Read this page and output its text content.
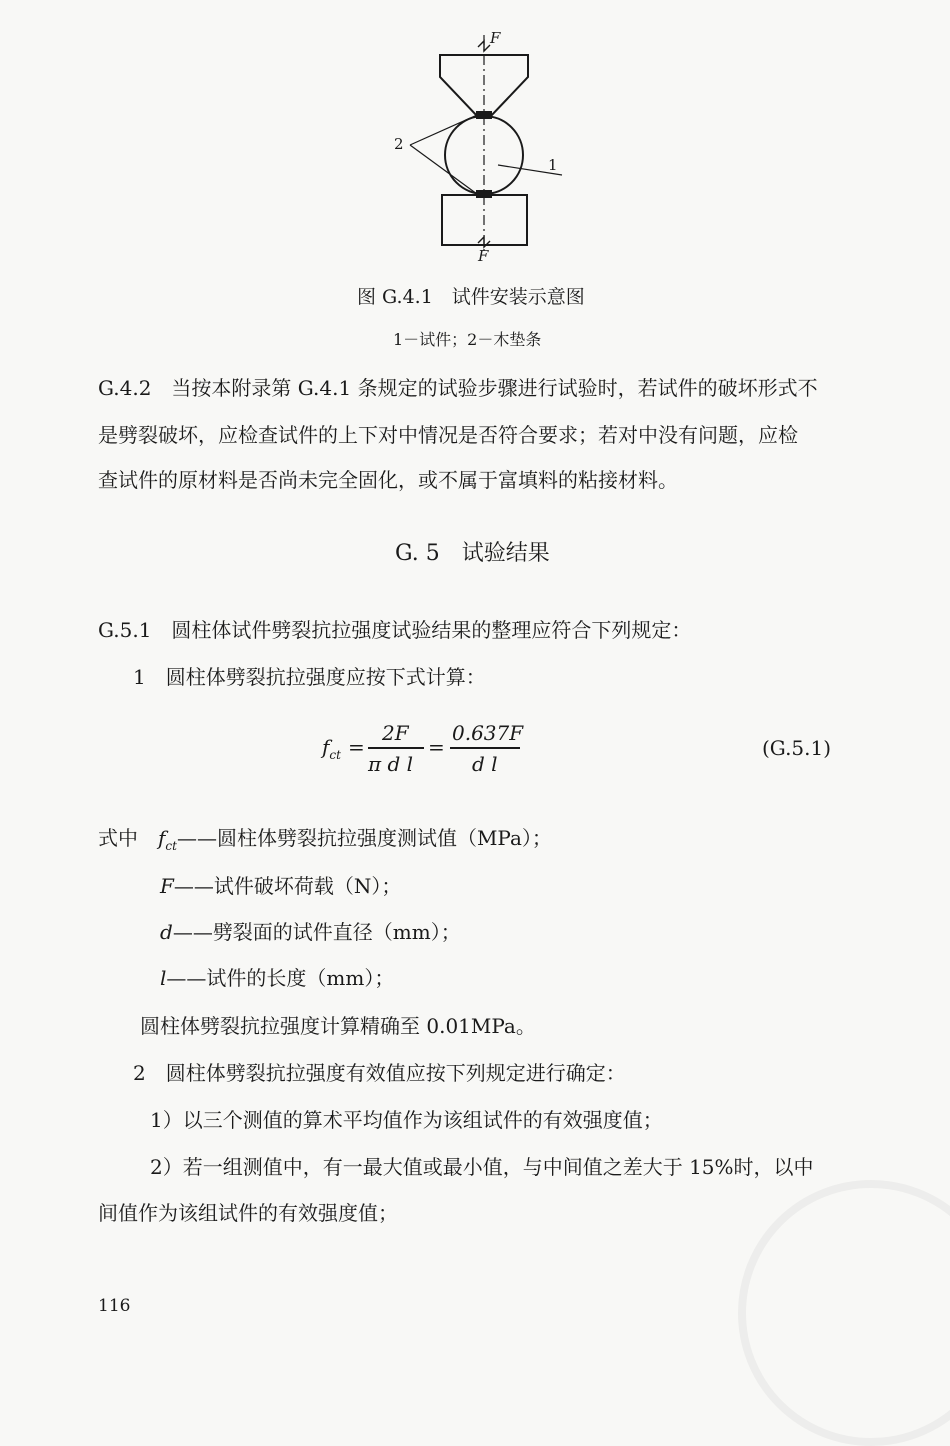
F
F
2
1
图 G.4.1　试件安装示意图
1－试件；2－木垫条
G.4.2　当按本附录第 G.4.1 条规定的试验步骤进行试验时，若试件的破坏形式不
是劈裂破坏，应检查试件的上下对中情况是否符合要求；若对中没有问题，应检
查试件的原材料是否尚未完全固化，或不属于富填料的粘接材料。
G. 5　试验结果
G.5.1　圆柱体试件劈裂抗拉强度试验结果的整理应符合下列规定：
1　圆柱体劈裂抗拉强度应按下式计算：
$f_{ct}$ =
2F
π d l
=
0.637F
d l
(G.5.1)
式中 $f_{ct}——$圆柱体劈裂抗拉强度测试值（MPa）；
F——试件破坏荷载（N）；
d——劈裂面的试件直径（mm）；
l——试件的长度（mm）；
圆柱体劈裂抗拉强度计算精确至 0.01MPa。
2　圆柱体劈裂抗拉强度有效值应按下列规定进行确定：
1）以三个测值的算术平均值作为该组试件的有效强度值；
2）若一组测值中，有一最大值或最小值，与中间值之差大于 15%时，以中
间值作为该组试件的有效强度值；
116
